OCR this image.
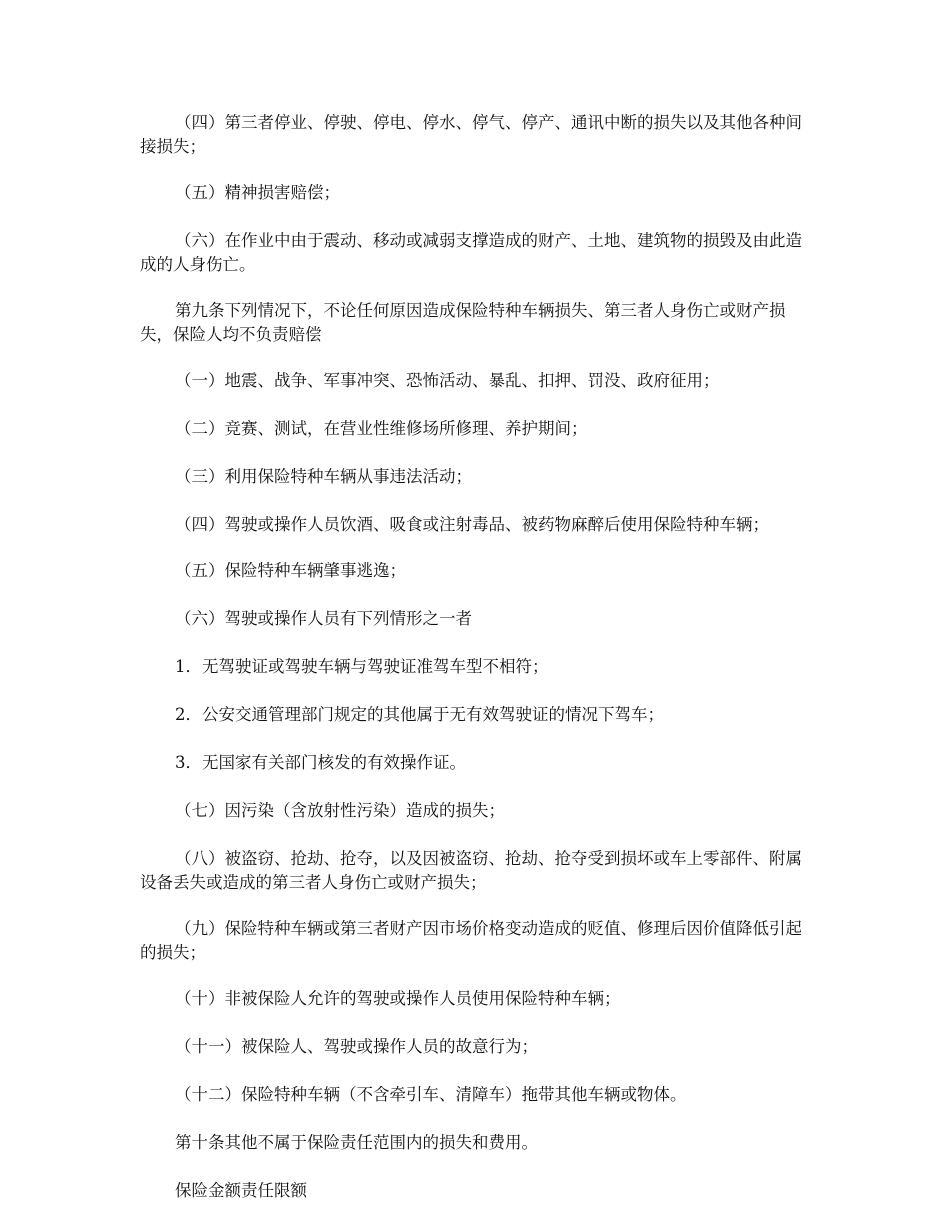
（四）第三者停业、停驶、停电、停水、停气、停产、通讯中断的损失以及其他各种间接损失；

（五）精神损害赔偿；

（六）在作业中由于震动、移动或减弱支撑造成的财产、土地、建筑物的损毁及由此造成的人身伤亡。

第九条下列情况下，不论任何原因造成保险特种车辆损失、第三者人身伤亡或财产损失，保险人均不负责赔偿

（一）地震、战争、军事冲突、恐怖活动、暴乱、扣押、罚没、政府征用；

（二）竞赛、测试，在营业性维修场所修理、养护期间；

（三）利用保险特种车辆从事违法活动；

（四）驾驶或操作人员饮酒、吸食或注射毒品、被药物麻醉后使用保险特种车辆；

（五）保险特种车辆肇事逃逸；

（六）驾驶或操作人员有下列情形之一者

1．无驾驶证或驾驶车辆与驾驶证准驾车型不相符；

2．公安交通管理部门规定的其他属于无有效驾驶证的情况下驾车；

3．无国家有关部门核发的有效操作证。

（七）因污染（含放射性污染）造成的损失；

（八）被盗窃、抢劫、抢夺，以及因被盗窃、抢劫、抢夺受到损坏或车上零部件、附属设备丢失或造成的第三者人身伤亡或财产损失；

（九）保险特种车辆或第三者财产因市场价格变动造成的贬值、修理后因价值降低引起的损失；

（十）非被保险人允许的驾驶或操作人员使用保险特种车辆；

（十一）被保险人、驾驶或操作人员的故意行为；

（十二）保险特种车辆（不含牵引车、清障车）拖带其他车辆或物体。

第十条其他不属于保险责任范围内的损失和费用。

保险金额责任限额
